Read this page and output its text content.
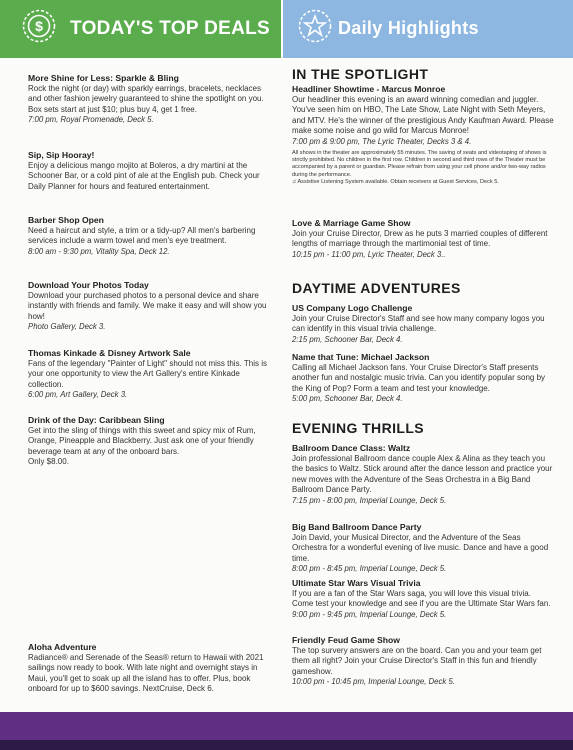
$ TODAY'S TOP DEALS	Daily Highlights
More Shine for Less: Sparkle & Bling
Rock the night (or day) with sparkly earrings, bracelets, necklaces and other fashion jewelry guaranteed to shine the spotlight on you. Box sets start at just $10; plus buy 4, get 1 free.
7:00 pm, Royal Promenade, Deck 5.
Sip, Sip Hooray!
Enjoy a delicious mango mojito at Boleros, a dry martini at the Schooner Bar, or a cold pint of ale at the English pub. Check your Daily Planner for hours and featured entertainment.
Barber Shop Open
Need a haircut and style, a trim or a tidy-up? All men's barbering services include a warm towel and men's eye treatment.
8:00 am - 9:30 pm, Vitality Spa, Deck 12.
Download Your Photos Today
Download your purchased photos to a personal device and share instantly with friends and family. We make it easy and will show you how!
Photo Gallery, Deck 3.
Thomas Kinkade & Disney Artwork Sale
Fans of the legendary "Painter of Light" should not miss this. This is your one opportunity to view the Art Gallery's entire Kinkade collection.
6:00 pm, Art Gallery, Deck 3.
Drink of the Day: Caribbean Sling
Get into the sling of things with this sweet and spicy mix of Rum, Orange, Pineapple and Blackberry. Just ask one of your friendly beverage team at any of the onboard bars.
Only $8.00.
Aloha Adventure
Radiance® and Serenade of the Seas® return to Hawaii with 2021 sailings now ready to book. With late night and overnight stays in Maui, you'll get to soak up all the island has to offer. Plus, book onboard for up to $600 savings. NextCruise, Deck 6.
IN THE SPOTLIGHT
Headliner Showtime - Marcus Monroe
Our headliner this evening is an award winning comedian and juggler. You've seen him on HBO, The Late Show, Late Night with Seth Meyers, and MTV. He's the winner of the prestigious Andy Kaufman Award. Please make some noise and go wild for Marcus Monroe!
7:00 pm & 9:00 pm, The Lyric Theater, Decks 3 & 4.
All shows in the theater are approximately 55 minutes. The saving of seats and videotaping of shows is strictly prohibited. No children in the first row. Children in second and third rows of the Theater must be accompanied by a parent or guardian. Please refrain from using your cell phone and/or two-way radios during the performance.
♫ Assistive Listening System available. Obtain receivers at Guest Services, Deck 5.
Love & Marriage Game Show
Join your Cruise Director, Drew as he puts 3 married couples of different lengths of marriage through the martimonial test of time.
10:15 pm - 11:00 pm, Lyric Theater, Deck 3..
DAYTIME ADVENTURES
US Company Logo Challenge
Join your Cruise Director's Staff and see how many company logos you can identify in this visual trivia challenge.
2:15 pm, Schooner Bar, Deck 4.
Name that Tune: Michael Jackson
Calling all Michael Jackson fans. Your Cruise Director's Staff presents another fun and nostalgic music trivia. Can you identify popular song by the King of Pop? Form a team and test your knowledge.
5:00 pm, Schooner Bar, Deck 4.
EVENING THRILLS
Ballroom Dance Class: Waltz
Join professional Ballroom dance couple Alex & Alina as they teach you the basics to Waltz. Stick around after the dance lesson and practice your new moves with the Adventure of the Seas Orchestra in a Big Band Ballroom Dance Party.
7:15 pm - 8:00 pm, Imperial Lounge, Deck 5.
Big Band Ballroom Dance Party
Join David, your Musical Director, and the Adventure of the Seas Orchestra for a wonderful evening of live music. Dance and have a good time.
8:00 pm - 8:45 pm, Imperial Lounge, Deck 5.
Ultimate Star Wars Visual Trivia
If you are a fan of the Star Wars saga, you will love this visual trivia. Come test your knowledge and see if you are the Ultimate Star Wars fan.
9:00 pm - 9:45 pm, Imperial Lounge, Deck 5.
Friendly Feud Game Show
The top survery answers are on the board. Can you and your team get them all right? Join your Cruise Director's Staff in this fun and friendly gameshow.
10:00 pm - 10:45 pm, Imperial Lounge, Deck 5.
